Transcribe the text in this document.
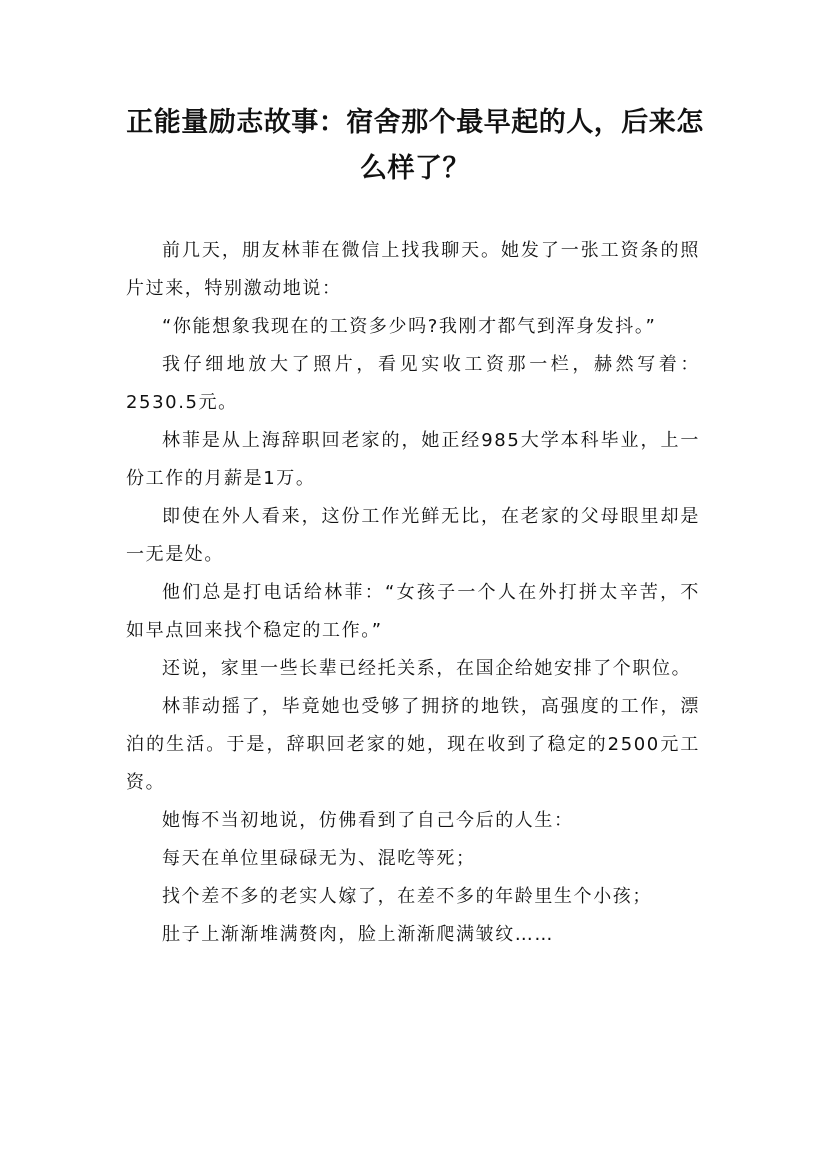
正能量励志故事：宿舍那个最早起的人，后来怎么样了？

前几天，朋友林菲在微信上找我聊天。她发了一张工资条的照片过来，特别激动地说：

“你能想象我现在的工资多少吗?我刚才都气到浑身发抖。”

我仔细地放大了照片，看见实收工资那一栏，赫然写着：2530.5元。

林菲是从上海辞职回老家的，她正经985大学本科毕业，上一份工作的月薪是1万。

即使在外人看来，这份工作光鲜无比，在老家的父母眼里却是一无是处。

他们总是打电话给林菲：“女孩子一个人在外打拼太辛苦，不如早点回来找个稳定的工作。”

还说，家里一些长辈已经托关系，在国企给她安排了个职位。

林菲动摇了，毕竟她也受够了拥挤的地铁，高强度的工作，漂泊的生活。于是，辞职回老家的她，现在收到了稳定的2500元工资。

她悔不当初地说，仿佛看到了自己今后的人生：

每天在单位里碌碌无为、混吃等死；

找个差不多的老实人嫁了，在差不多的年龄里生个小孩；

肚子上渐渐堆满赘肉，脸上渐渐爬满皱纹……
